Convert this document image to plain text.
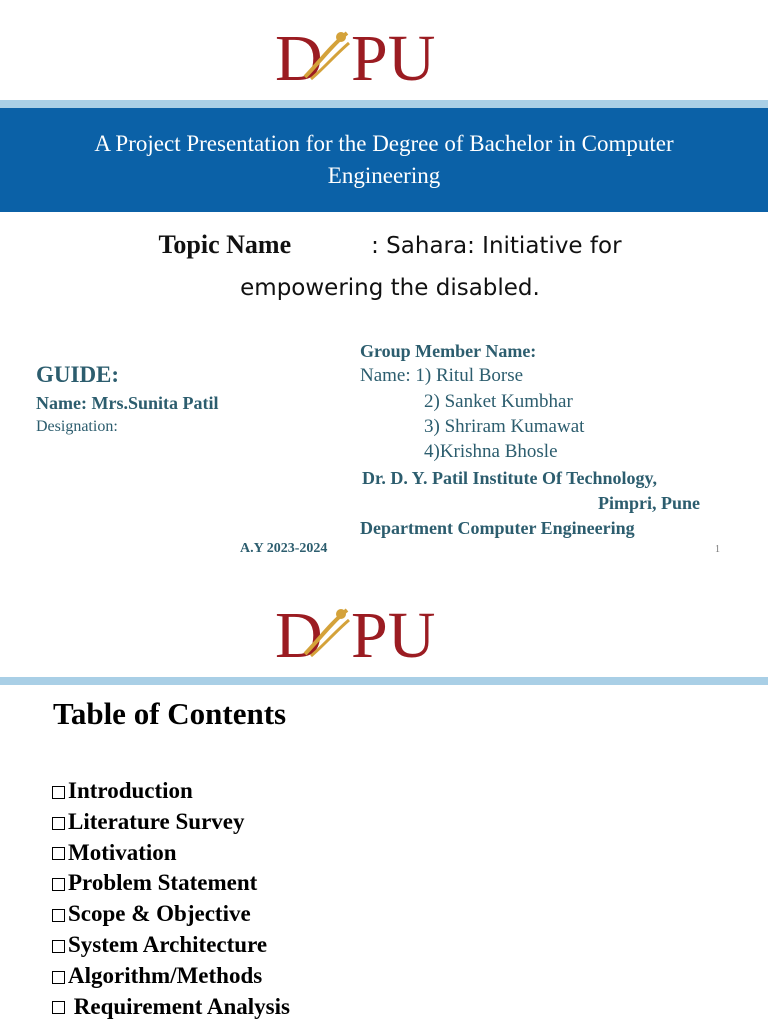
D PU
A Project Presentation for the Degree of Bachelor in Computer Engineering
Topic Name	: Sahara: Initiative for empowering the disabled.
GUIDE:
Name: Mrs.Sunita Patil
Designation:
Group Member Name:
Name: 1) Ritul Borse
2) Sanket Kumbhar
3) Shriram Kumawat
4)Krishna Bhosle
Dr. D. Y. Patil Institute Of Technology,
Pimpri, Pune
Department Computer Engineering
A.Y 2023-2024	1
D PU
Table of Contents
Introduction
Literature Survey
Motivation
Problem Statement
Scope & Objective
System Architecture
Algorithm/Methods
Requirement Analysis
